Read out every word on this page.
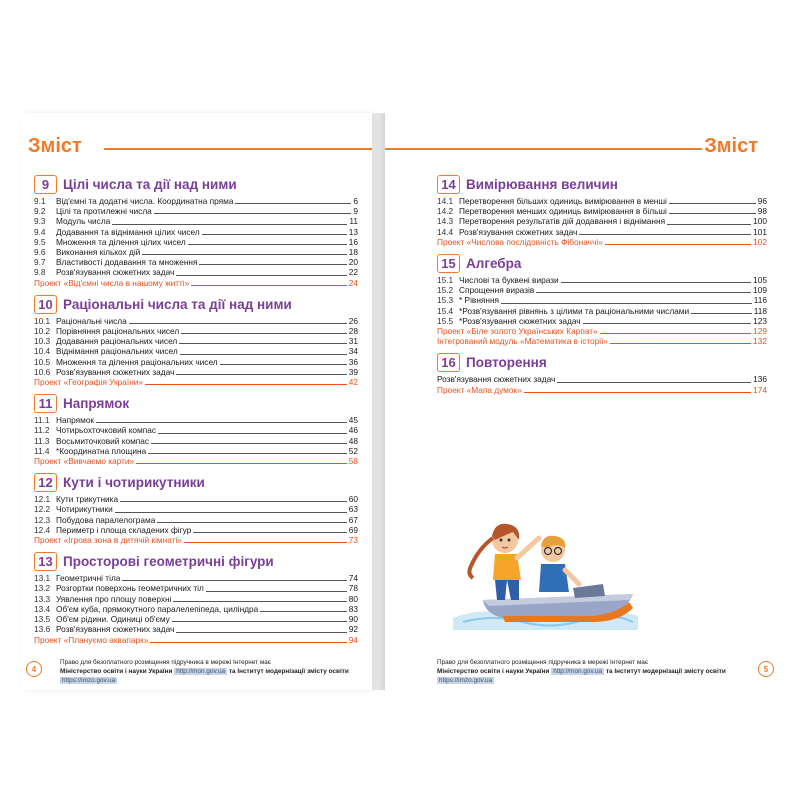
Зміст
9	Цілі числа та дії над ними
9.1	Від'ємні та додатні числа. Координатна пряма	6
9.2	Цілі та протилежні числа	9
9.3	Модуль числа	11
9.4	Додавання та віднімання цілих чисел	13
9.5	Множення та ділення цілих чисел	16
9.6	Виконання кількох дій	18
9.7	Властивості додавання та множення	20
9.8	Розв'язування сюжетних задач	22
Проект «Від'ємні числа в нашому житті»	24
10 Раціональні числа та дії над ними
10.1 Раціональні числа	26
10.2 Порівняння раціональних чисел	28
10.3 Додавання раціональних чисел	31
10.4 Віднімання раціональних чисел	34
10.5 Множення та ділення раціональних чисел	36
10.6 Розв'язування сюжетних задач	39
Проект «Географія України»	42
11 Напрямок
11.1 Напрямок	45
11.2 Чотирьохточковий компас	46
11.3 Восьмиточковий компас	48
11.4 *Координатна площина	52
Проект «Вивчаємо карти»	58
12 Кути і чотирикутники
12.1 Кути трикутника	60
12.2 Чотирикутники	63
12.3 Побудова паралелограма	67
12.4 Периметр і площа складених фігур	69
Проект «Ігрова зона в дитячій кімнаті»	73
13 Просторові геометричні фігури
13.1 Геометричні тіла	74
13.2 Розгортки поверхонь геометричних тіл	78
13.3 Уявлення про площу поверхні	80
13.4 Об'єм куба, прямокутного паралелепіпеда, циліндра	83
13.5 Об'єм рідини. Одиниці об'єму	90
13.6 Розв'язування сюжетних задач	92
Проект «Плануємо аквапарк»	94
4
Право для безоплатного розміщення підручника в мережі Інтернет має
Міністерство освіти і науки України http://mon.gov.ua та Інститут модернізації змісту освіти https://imzo.gov.ua
Зміст
14 Вимірювання величин
14.1 Перетворення більших одиниць вимірювання в менші	96
14.2 Перетворення менших одиниць вимірювання в більші	98
14.3 Перетворення результатів дій додавання і віднімання	100
14.4 Розв'язування сюжетних задач	101
Проект «Числова послідовність Фібоначчі»	102
15 Алгебра
15.1 Числові та буквені вирази	105
15.2 Спрощення виразів	109
15.3 * Рівняння	116
15.4 *Розв'язування рівнянь з цілими та раціональними числами	118
15.5 *Розв'язування сюжетних задач	123
Проект «Біле золото Українських Карпат»	129
Інтегрований модуль «Математика в історії»	132
16 Повторення
Розв'язування сюжетних задач	136
Проект «Мапа думок»	174
5
Право для безоплатного розміщення підручника в мережі Інтернет має
Міністерство освіти і науки України http://mon.gov.ua та Інститут модернізації змісту освіти https://imzo.gov.ua
